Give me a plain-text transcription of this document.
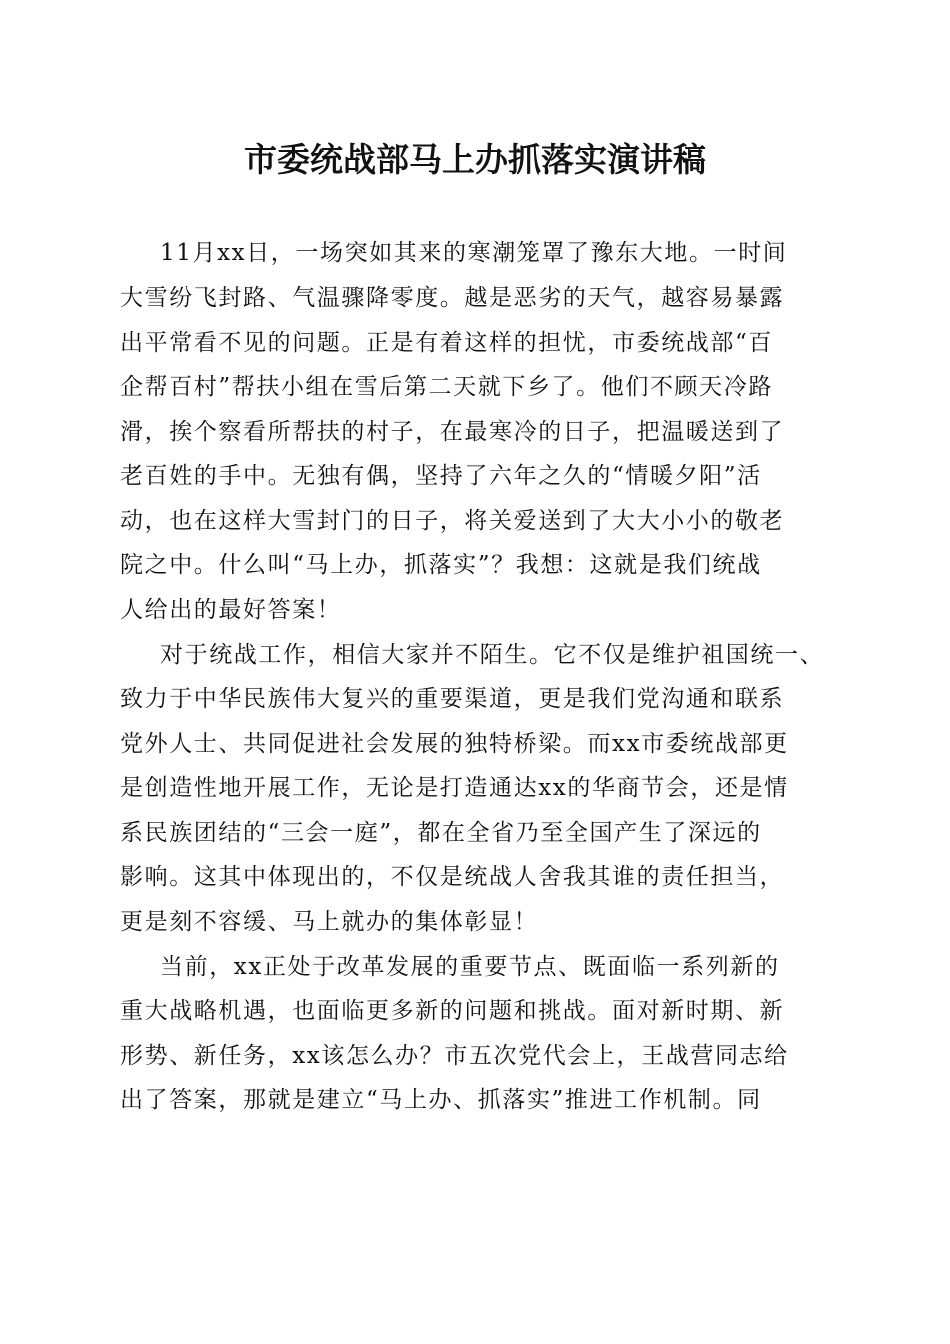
市委统战部马上办抓落实演讲稿
11月xx日，一场突如其来的寒潮笼罩了豫东大地。一时间
大雪纷飞封路、气温骤降零度。越是恶劣的天气，越容易暴露
出平常看不见的问题。正是有着这样的担忧，市委统战部“百
企帮百村”帮扶小组在雪后第二天就下乡了。他们不顾天冷路
滑，挨个察看所帮扶的村子，在最寒冷的日子，把温暖送到了
老百姓的手中。无独有偶，坚持了六年之久的“情暖夕阳”活
动，也在这样大雪封门的日子，将关爱送到了大大小小的敬老
院之中。什么叫“马上办，抓落实”？我想：这就是我们统战
人给出的最好答案！
对于统战工作，相信大家并不陌生。它不仅是维护祖国统一、
致力于中华民族伟大复兴的重要渠道，更是我们党沟通和联系
党外人士、共同促进社会发展的独特桥梁。而xx市委统战部更
是创造性地开展工作，无论是打造通达xx的华商节会，还是情
系民族团结的“三会一庭”，都在全省乃至全国产生了深远的
影响。这其中体现出的，不仅是统战人舍我其谁的责任担当，
更是刻不容缓、马上就办的集体彰显！
当前，xx正处于改革发展的重要节点、既面临一系列新的
重大战略机遇，也面临更多新的问题和挑战。面对新时期、新
形势、新任务，xx该怎么办？市五次党代会上，王战营同志给
出了答案，那就是建立“马上办、抓落实”推进工作机制。同
